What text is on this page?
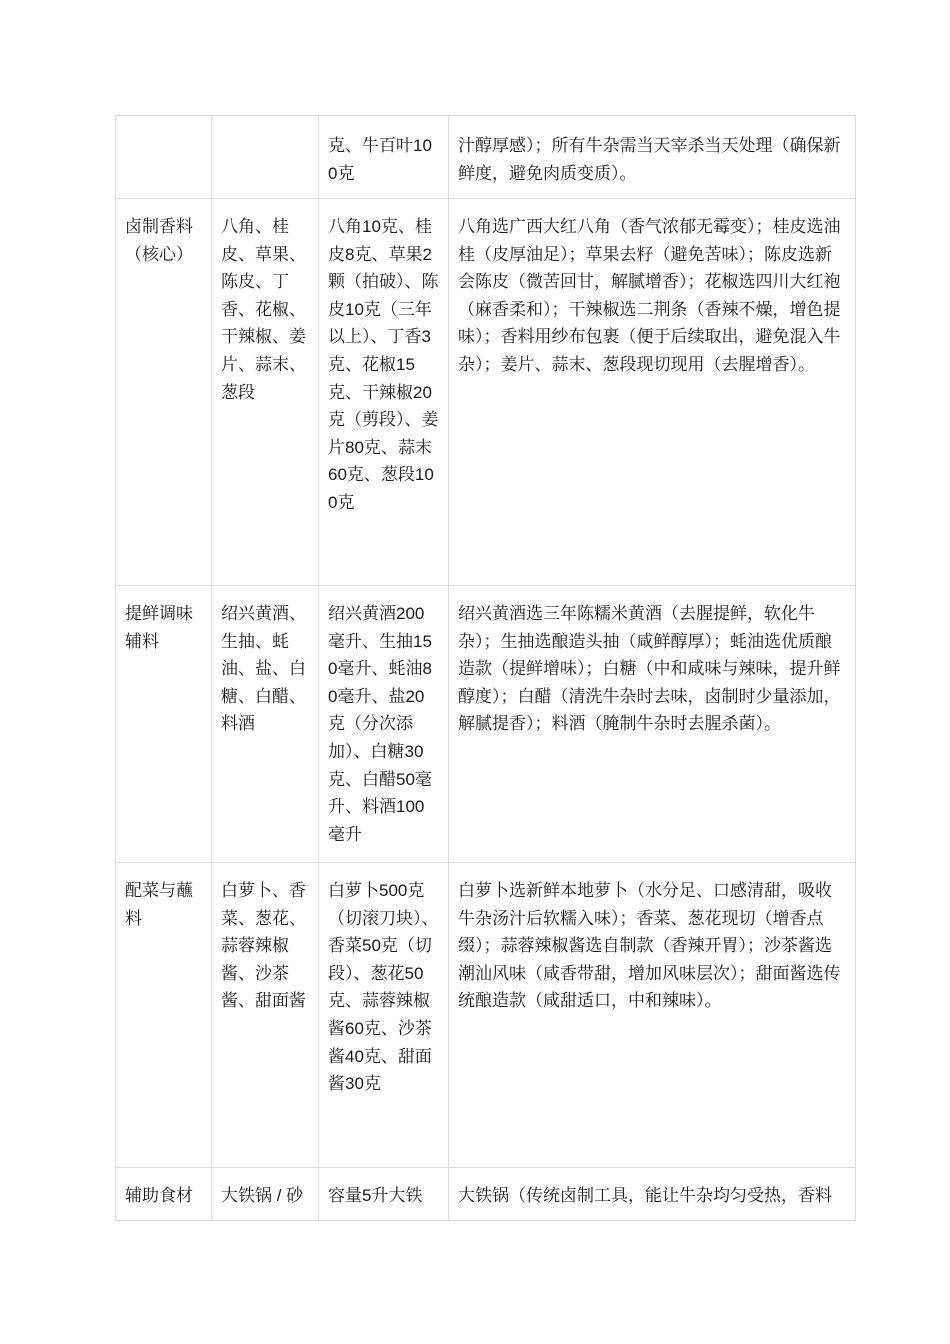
		克、牛百叶100克	汁醇厚感）；所有牛杂需当天宰杀当天处理（确保新鲜度，避免肉质变质）。
卤制香料（核心）	八角、桂皮、草果、陈皮、丁香、花椒、干辣椒、姜片、蒜末、葱段	八角10克、桂皮8克、草果2颗（拍破）、陈皮10克（三年以上）、丁香3克、花椒15克、干辣椒20克（剪段）、姜片80克、蒜末60克、葱段100克	八角选广西大红八角（香气浓郁无霉变）；桂皮选油桂（皮厚油足）；草果去籽（避免苦味）；陈皮选新会陈皮（微苦回甘，解腻增香）；花椒选四川大红袍（麻香柔和）；干辣椒选二荆条（香辣不燥，增色提味）；香料用纱布包裹（便于后续取出，避免混入牛杂）；姜片、蒜末、葱段现切现用（去腥增香）。
提鲜调味辅料	绍兴黄酒、生抽、蚝油、盐、白糖、白醋、料酒	绍兴黄酒200毫升、生抽150毫升、蚝油80毫升、盐20克（分次添加）、白糖30克、白醋50毫升、料酒100毫升	绍兴黄酒选三年陈糯米黄酒（去腥提鲜，软化牛杂）；生抽选酿造头抽（咸鲜醇厚）；蚝油选优质酿造款（提鲜增味）；白糖（中和咸味与辣味，提升鲜醇度）；白醋（清洗牛杂时去味，卤制时少量添加，解腻提香）；料酒（腌制牛杂时去腥杀菌）。
配菜与蘸料	白萝卜、香菜、葱花、蒜蓉辣椒酱、沙茶酱、甜面酱	白萝卜500克（切滚刀块）、香菜50克（切段）、葱花50克、蒜蓉辣椒酱60克、沙茶酱40克、甜面酱30克	白萝卜选新鲜本地萝卜（水分足、口感清甜，吸收牛杂汤汁后软糯入味）；香菜、葱花现切（增香点缀）；蒜蓉辣椒酱选自制款（香辣开胃）；沙茶酱选潮汕风味（咸香带甜，增加风味层次）；甜面酱选传统酿造款（咸甜适口，中和辣味）。
辅助食材	大铁锅 / 砂	容量5升大铁	大铁锅（传统卤制工具，能让牛杂均匀受热，香料
